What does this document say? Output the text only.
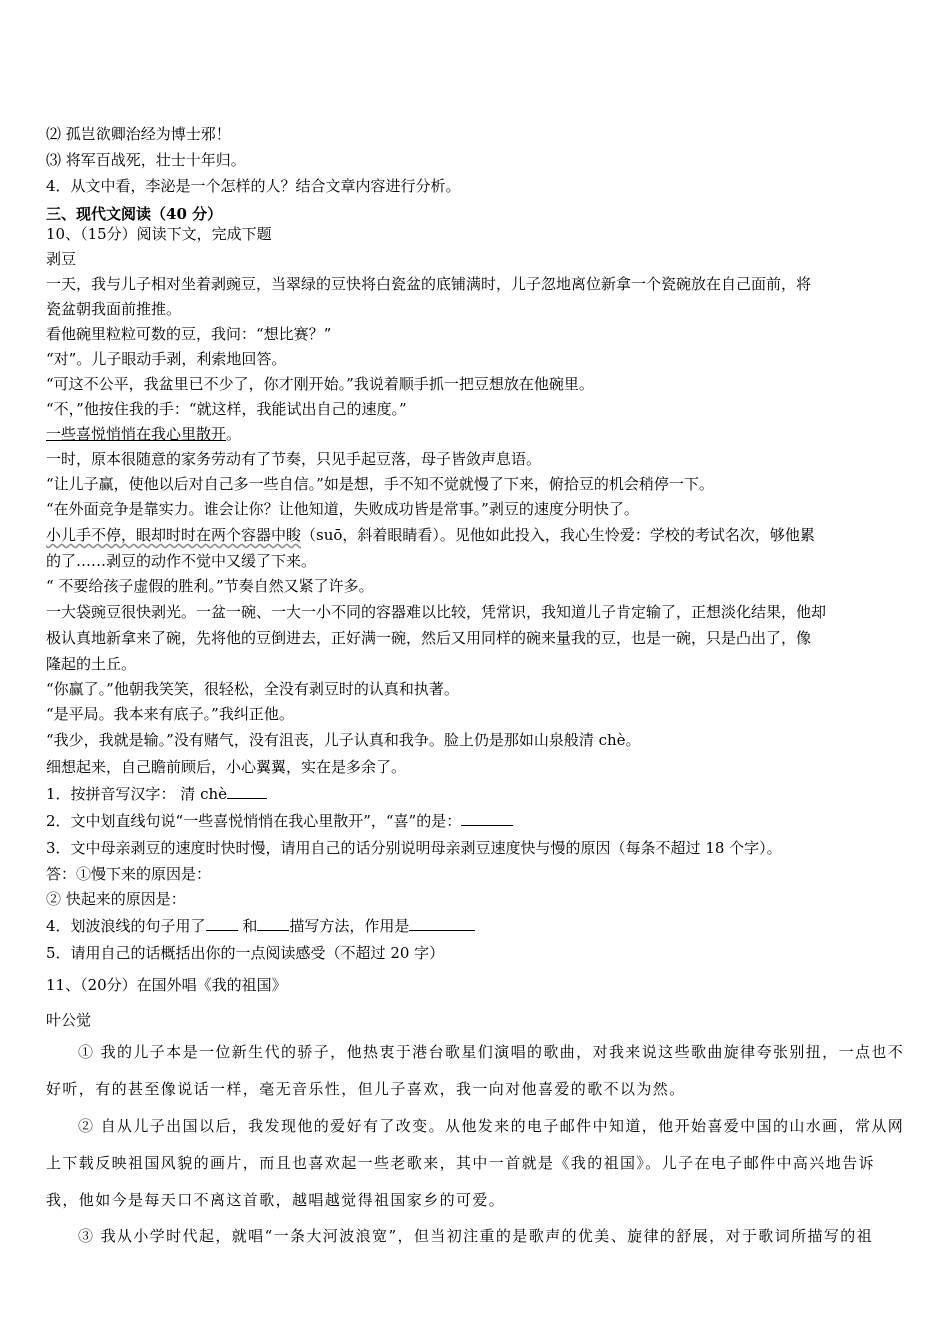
⑵ 孤岂欲卿治经为博士邪！
⑶ 将军百战死，壮士十年归。
4．从文中看，李泌是一个怎样的人？结合文章内容进行分析。
三、现代文阅读（40 分）
10、（15分）阅读下文，完成下题
剥豆
一天，我与儿子相对坐着剥豌豆，当翠绿的豆快将白瓷盆的底铺满时，儿子忽地离位新拿一个瓷碗放在自己面前，将
瓷盆朝我面前推推。
看他碗里粒粒可数的豆，我问：“想比赛？”
“对”。儿子眼动手剥，利索地回答。
“可这不公平，我盆里已不少了，你才刚开始。”我说着顺手抓一把豆想放在他碗里。
“不，”他按住我的手：“就这样，我能试出自己的速度。”
一些喜悦悄悄在我心里散开。
一时，原本很随意的家务劳动有了节奏，只见手起豆落，母子皆敛声息语。
“让儿子赢，使他以后对自己多一些自信。”如是想，手不知不觉就慢了下来，俯拾豆的机会稍停一下。
“在外面竞争是靠实力。谁会让你？让他知道，失败成功皆是常事。”剥豆的速度分明快了。
小儿手不停，眼却时时在两个容器中睃（suō，斜着眼睛看）。见他如此投入，我心生怜爱：学校的考试名次，够他累
的了……剥豆的动作不觉中又缓了下来。
“ 不要给孩子虚假的胜利。”节奏自然又紧了许多。
一大袋豌豆很快剥光。一盆一碗、一大一小不同的容器难以比较，凭常识，我知道儿子肯定输了，正想淡化结果，他却
极认真地新拿来了碗，先将他的豆倒进去，正好满一碗，然后又用同样的碗来量我的豆，也是一碗，只是凸出了，像
隆起的土丘。
“你赢了。”他朝我笑笑，很轻松，全没有剥豆时的认真和执著。
“是平局。我本来有底子。”我纠正他。
“我少，我就是输。”没有赌气，没有沮丧，儿子认真和我争。脸上仍是那如山泉般清 chè。
细想起来，自己瞻前顾后，小心翼翼，实在是多余了。
1．按拼音写汉字： 清 chè
2．文中划直线句说“一些喜悦悄悄在我心里散开”，“喜”的是：
3．文中母亲剥豆的速度时快时慢，请用自己的话分别说明母亲剥豆速度快与慢的原因（每条不超过 18 个字）。
答：①慢下来的原因是：
② 快起来的原因是：
4．划波浪线的句子用了 和 描写方法，作用是
5．请用自己的话概括出你的一点阅读感受（不超过 20 字）
11、（20分）在国外唱《我的祖国》
叶公觉
① 我的儿子本是一位新生代的骄子，他热衷于港台歌星们演唱的歌曲，对我来说这些歌曲旋律夸张别扭，一点也不好听，有的甚至像说话一样，毫无音乐性，但儿子喜欢，我一向对他喜爱的歌不以为然。
② 自从儿子出国以后，我发现他的爱好有了改变。从他发来的电子邮件中知道，他开始喜爱中国的山水画，常从网上下载反映祖国风貌的画片，而且也喜欢起一些老歌来，其中一首就是《我的祖国》。儿子在电子邮件中高兴地告诉我，他如今是每天口不离这首歌，越唱越觉得祖国家乡的可爱。
③ 我从小学时代起，就唱“一条大河波浪宽”，但当初注重的是歌声的优美、旋律的舒展，对于歌词所描写的祖
